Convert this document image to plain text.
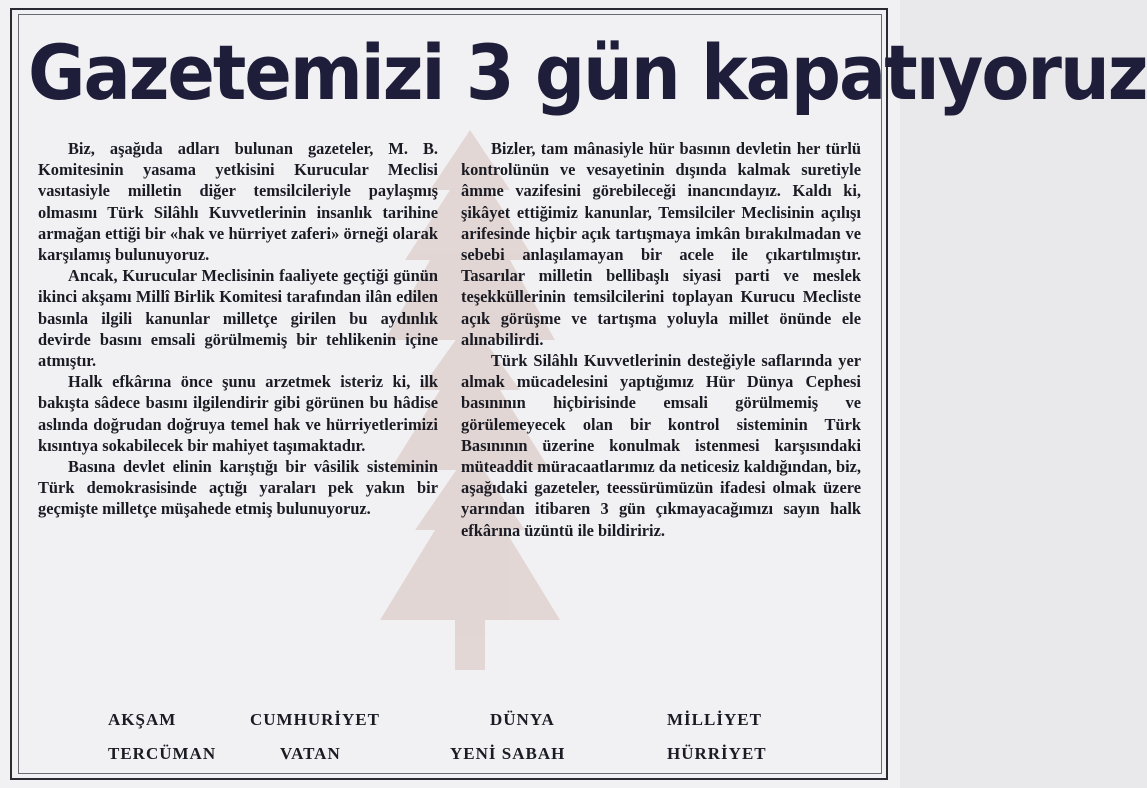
Gazetemizi 3 gün kapatıyoruz

Biz, aşağıda adları bulunan gazeteler, M. B. Komitesinin yasama yetkisini Kurucular Meclisi vasıtasiyle milletin diğer temsilcileriyle paylaşmış olmasını Türk Silâhlı Kuvvetlerinin insanlık tarihine armağan ettiği bir «hak ve hürriyet zaferi» örneği olarak karşılamış bulunuyoruz.

Ancak, Kurucular Meclisinin faaliyete geçtiği günün ikinci akşamı Millî Birlik Komitesi tarafından ilân edilen basınla ilgili kanunlar milletçe girilen bu aydınlık devirde basını emsali görülmemiş bir tehlikenin içine atmıştır.

Halk efkârına önce şunu arzetmek isteriz ki, ilk bakışta sâdece basını ilgilendirir gibi görünen bu hâdise aslında doğrudan doğruya temel hak ve hürriyetlerimizi kısıntıya sokabilecek bir mahiyet taşımaktadır.

Basına devlet elinin karıştığı bir vâsilik sisteminin Türk demokrasisinde açtığı yaraları pek yakın bir geçmişte milletçe müşahede etmiş bulunuyoruz.

Bizler, tam mânasiyle hür basının devletin her türlü kontrolünün ve vesayetinin dışında kalmak suretiyle âmme vazifesini görebileceği inancındayız. Kaldı ki, şikâyet ettiğimiz kanunlar, Temsilciler Meclisinin açılışı arifesinde hiçbir açık tartışmaya imkân bırakılmadan ve sebebi anlaşılamayan bir acele ile çıkartılmıştır. Tasarılar milletin bellibaşlı siyasi parti ve meslek teşekküllerinin temsilcilerini toplayan Kurucu Mecliste açık görüşme ve tartışma yoluyla millet önünde ele alınabilirdi.

Türk Silâhlı Kuvvetlerinin desteğiyle saflarında yer almak mücadelesini yaptığımız Hür Dünya Cephesi basınının hiçbirisinde emsali görülmemiş ve görülemeyecek olan bir kontrol sisteminin Türk Basınının üzerine konulmak istenmesi karşısındaki müteaddit müracaatlarımız da neticesiz kaldığından, biz, aşağıdaki gazeteler, teessürümüzün ifadesi olmak üzere yarından itibaren 3 gün çıkmayacağımızı sayın halk efkârına üzüntü ile bildiririz.

AKŞAM	CUMHURİYET	DÜNYA	MİLLİYET
TERCÜMAN	VATAN	YENİ SABAH	HÜRRİYET
